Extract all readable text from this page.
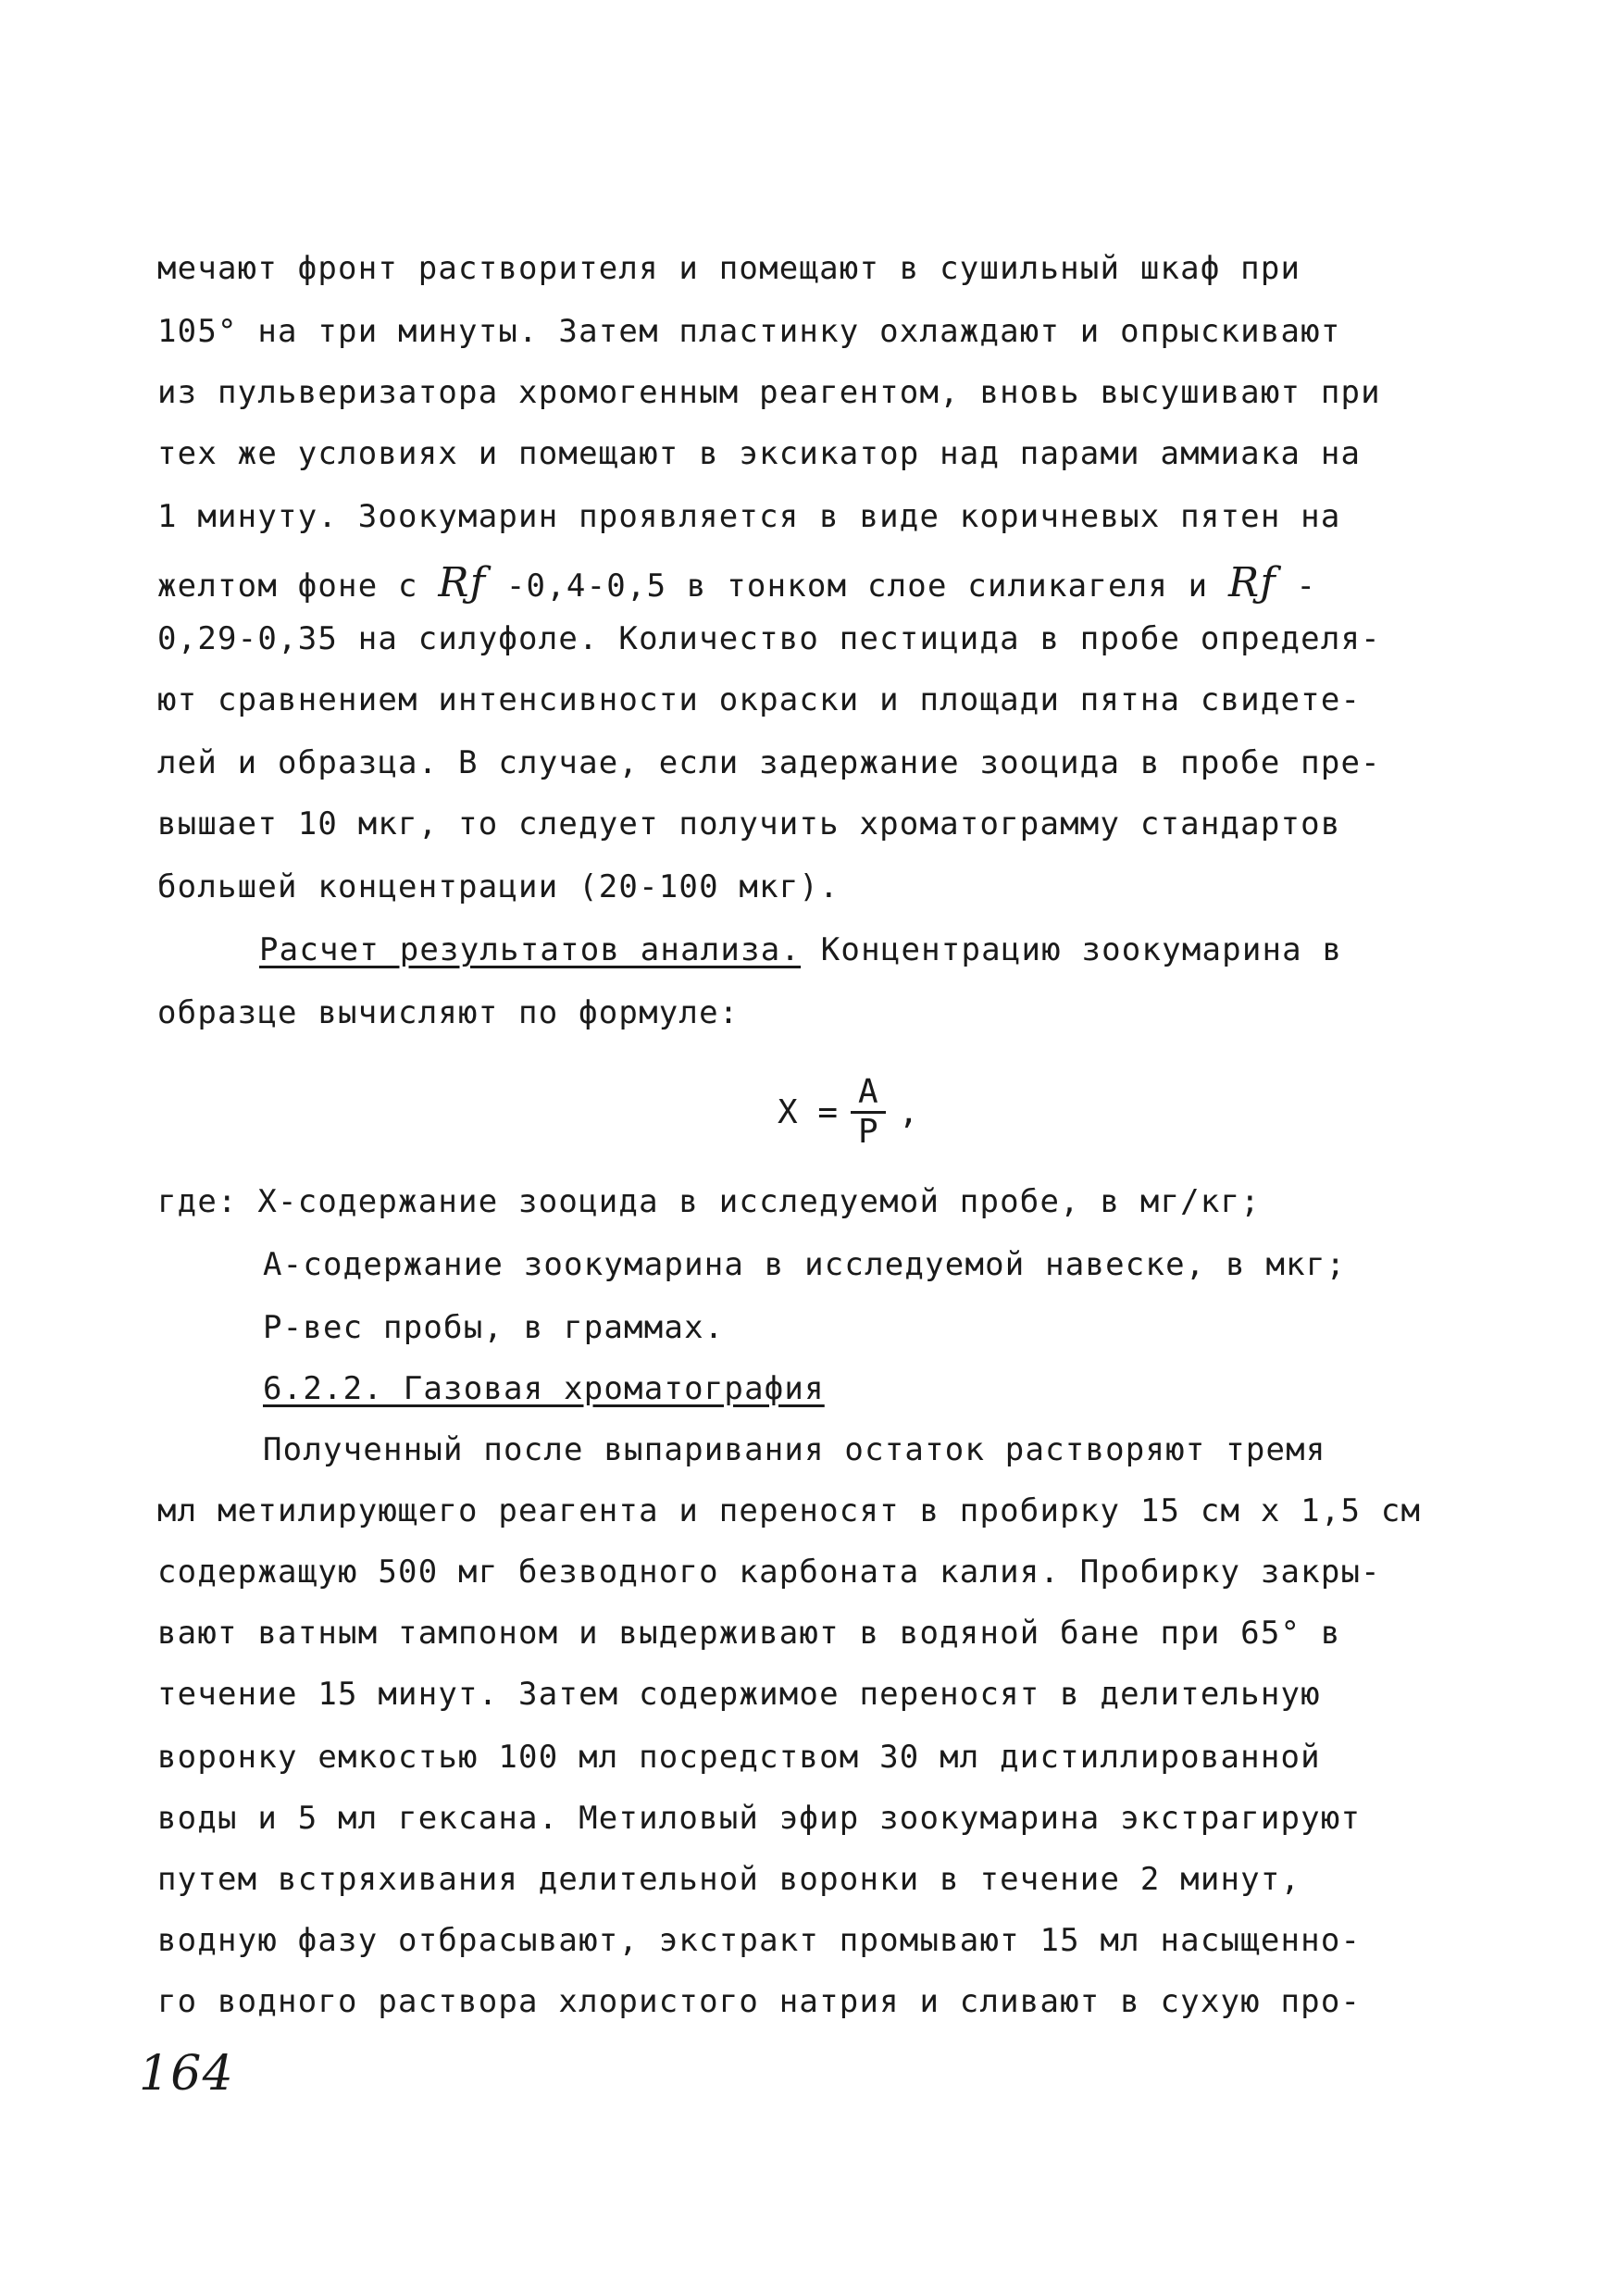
мечают фронт растворителя и помещают в сушильный шкаф при
105° на три минуты. Затем пластинку охлаждают и опрыскивают
из пульверизатора хромогенным реагентом, вновь высушивают при
тех же условиях и помещают в эксикатор над парами аммиака на
1 минуту. Зоокумарин проявляется в виде коричневых пятен на
желтом фоне с Rƒ -0,4-0,5 в тонком слое силикагеля и Rƒ -
0,29-0,35 на силуфоле. Количество пестицида в пробе определя-
ют сравнением интенсивности окраски и площади пятна свидете-
лей и образца. В случае, если задержание зооцида в пробе пре-
вышает 10 мкг, то следует получить хроматограмму стандартов
большей концентрации (20-100 мкг).
Расчет результатов анализа. Концентрацию зоокумарина в
образце вычисляют по формуле:
$X = \frac{A}{P}$ ,
где: X-содержание зооцида в исследуемой пробе, в мг/кг;
A-содержание зоокумарина в исследуемой навеске, в мкг;
P-вес пробы, в граммах.
6.2.2. Газовая хроматография
Полученный после выпаривания остаток растворяют тремя
мл метилирующего реагента и переносят в пробирку 15 см x 1,5 см
содержащую 500 мг безводного карбоната калия. Пробирку закры-
вают ватным тампоном и выдерживают в водяной бане при 65° в
течение 15 минут. Затем содержимое переносят в делительную
воронку емкостью 100 мл посредством 30 мл дистиллированной
воды и 5 мл гексана. Метиловый эфир зоокумарина экстрагируют
путем встряхивания делительной воронки в течение 2 минут,
водную фазу отбрасывают, экстракт промывают 15 мл насыщенно-
го водного раствора хлористого натрия и сливают в сухую про-
164
